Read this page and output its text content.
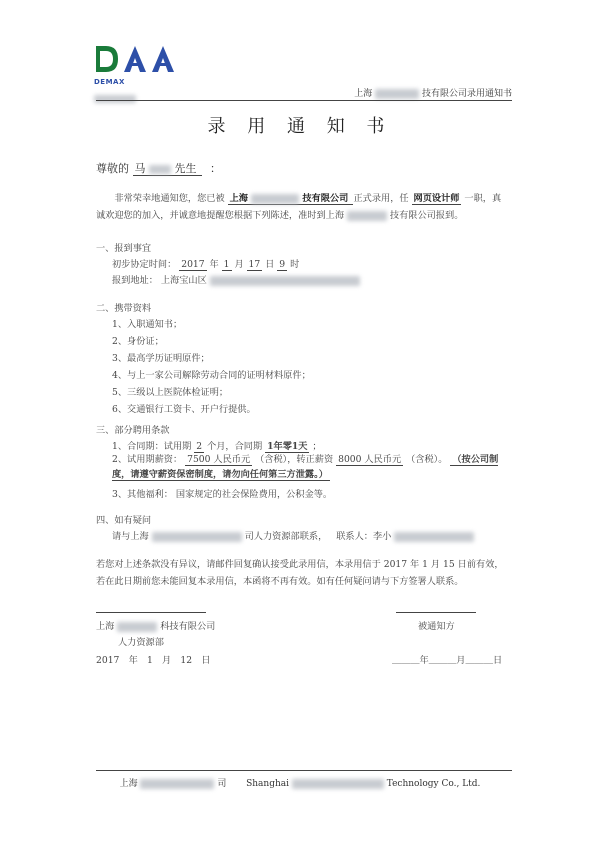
DEMAX
上海	技有限公司录用通知书
录 用 通 知 书
尊敬的 马	先生 ：
非常荣幸地通知您，您已被 上海	技有限公司 正式录用，任 网页设计师 一职，真诚欢迎您的加入，并诚意地提醒您根据下列陈述，准时到上海	技有限公司报到。
一、报到事宜
初步协定时间： 2017 年 1 月 17 日 9 时
报到地址： 上海宝山区
二、携带资料
1、入职通知书；
2、身份证；
3、最高学历证明原件；
4、与上一家公司解除劳动合同的证明材料原件；
5、三级以上医院体检证明；
6、交通银行工资卡、开户行提供。
三、部分聘用条款
1、合同期：试用期 2 个月，合同期 1年零1天 ；
2、试用期薪资： 7500 人民币元 （含税），转正薪资 8000 人民币元 （含税）。 （按公司制度，请遵守薪资保密制度，请勿向任何第三方泄露。）
3、其他福利： 国家规定的社会保险费用，公积金等。
四、如有疑问
请与上海	司人力资源部联系， 联系人：李小
若您对上述条款没有异议，请邮件回复确认接受此录用信，本录用信于 2017 年 1 月 15 日前有效，若在此日期前您未能回复本录用信，本函将不再有效。如有任何疑问请与下方签署人联系。
上海	科技有限公司
人力资源部
2017　年　1　月　12　日
被通知方
＿＿＿年＿＿＿月＿＿＿日
上海	司 Shanghai	Technology Co., Ltd.
